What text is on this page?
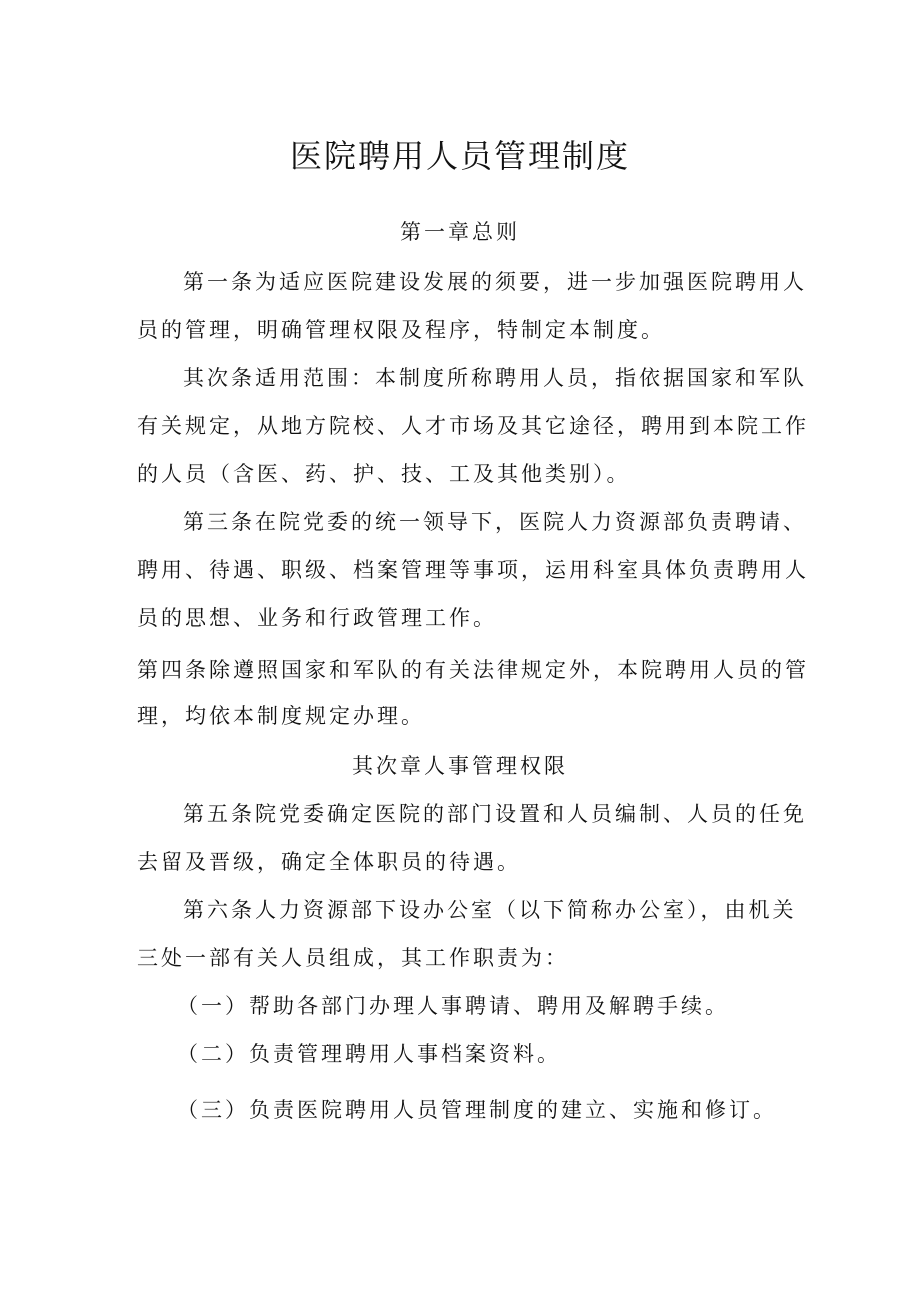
医院聘用人员管理制度
第一章总则
第一条为适应医院建设发展的须要，进一步加强医院聘用人
员的管理，明确管理权限及程序，特制定本制度。
其次条适用范围：本制度所称聘用人员，指依据国家和军队
有关规定，从地方院校、人才市场及其它途径，聘用到本院工作
的人员（含医、药、护、技、工及其他类别）。
第三条在院党委的统一领导下，医院人力资源部负责聘请、
聘用、待遇、职级、档案管理等事项，运用科室具体负责聘用人
员的思想、业务和行政管理工作。
第四条除遵照国家和军队的有关法律规定外，本院聘用人员的管
理，均依本制度规定办理。
其次章人事管理权限
第五条院党委确定医院的部门设置和人员编制、人员的任免
去留及晋级，确定全体职员的待遇。
第六条人力资源部下设办公室（以下简称办公室），由机关
三处一部有关人员组成，其工作职责为：
（一）帮助各部门办理人事聘请、聘用及解聘手续。
（二）负责管理聘用人事档案资料。
（三）负责医院聘用人员管理制度的建立、实施和修订。
